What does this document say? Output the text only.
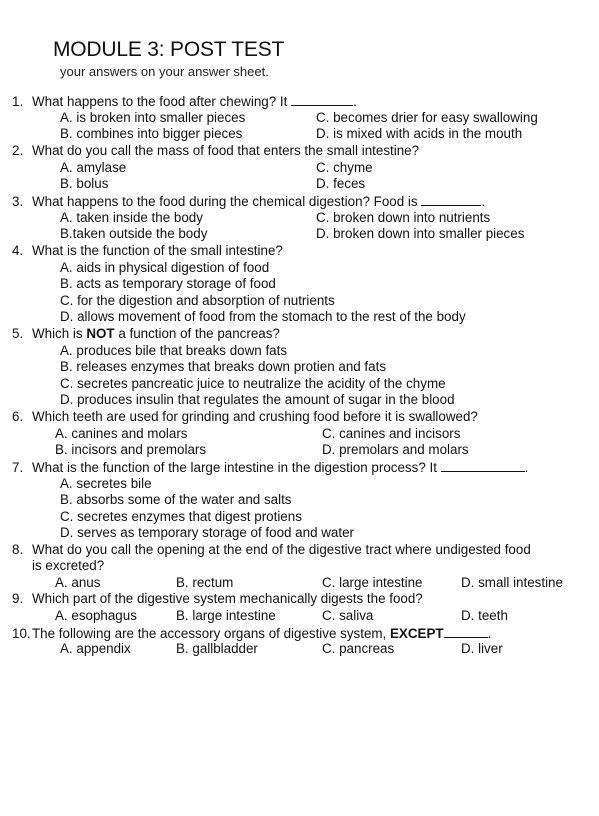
MODULE 3: POST TEST
your answers on your answer sheet.
1. What happens to the food after chewing? It	.
A. is broken into smaller pieces
B. combines into bigger pieces
C. becomes drier for easy swallowing
D. is mixed with acids in the mouth
2. What do you call the mass of food that enters the small intestine?
A. amylase
B. bolus
C. chyme
D. feces
3. What happens to the food during the chemical digestion? Food is	.
A. taken inside the body
B.taken outside the body
C. broken down into nutrients
D. broken down into smaller pieces
4. What is the function of the small intestine?
A. aids in physical digestion of food
B. acts as temporary storage of food
C. for the digestion and absorption of nutrients
D. allows movement of food from the stomach to the rest of the body
5. Which is NOT a function of the pancreas?
A. produces bile that breaks down fats
B. releases enzymes that breaks down protien and fats
C. secretes pancreatic juice to neutralize the acidity of the chyme
D. produces insulin that regulates the amount of sugar in the blood
6. Which teeth are used for grinding and crushing food before it is swallowed?
A. canines and molars
B. incisors and premolars
C. canines and incisors
D. premolars and molars
7. What is the function of the large intestine in the digestion process? It	.
A. secretes bile
B. absorbs some of the water and salts
C. secretes enzymes that digest protiens
D. serves as temporary storage of food and water
8. What do you call the opening at the end of the digestive tract where undigested food
is excreted?
A. anus	B. rectum	C. large intestine	D. small intestine
9. Which part of the digestive system mechanically digests the food?
A. esophagus	B. large intestine	C. saliva	D. teeth
10.The following are the accessory organs of digestive system, EXCEPT	.
A. appendix	B. gallbladder	C. pancreas	D. liver
